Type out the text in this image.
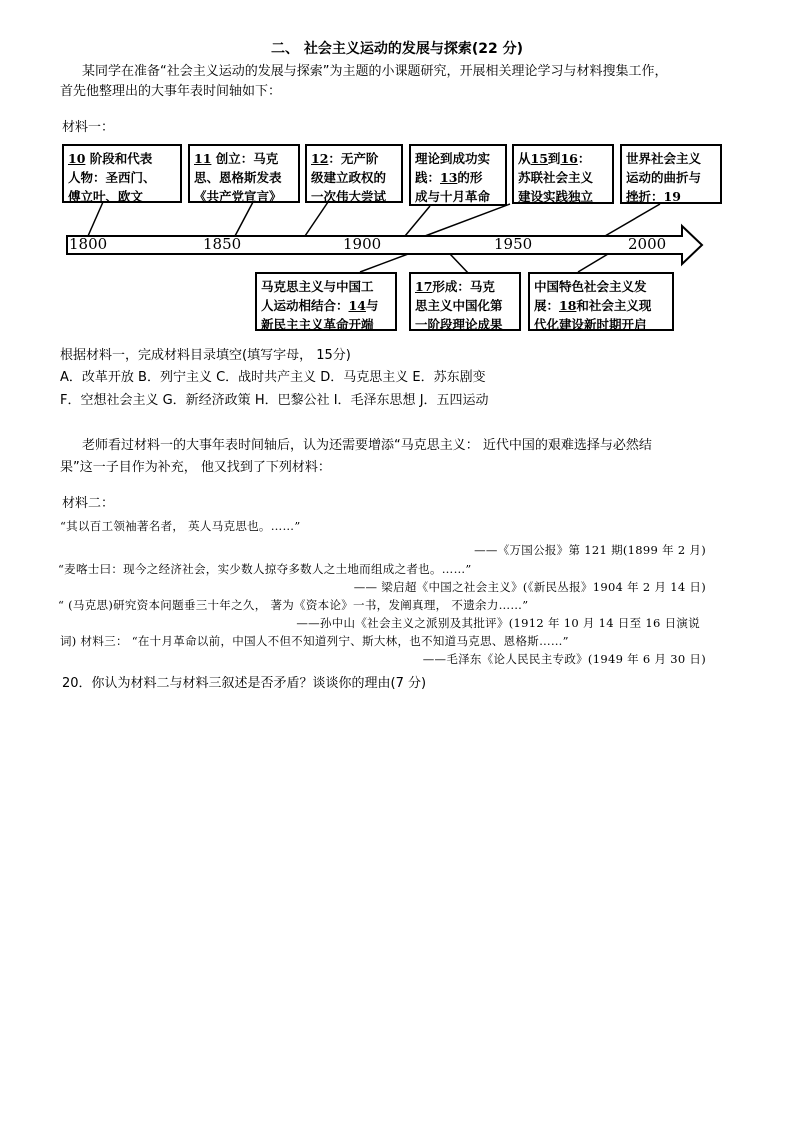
二、 社会主义运动的发展与探索(22 分)
某同学在准备“社会主义运动的发展与探索”为主题的小课题研究，开展相关理论学习与材料搜集工作，
首先他整理出的大事年表时间轴如下：
材料一：
1800	1850	1900	1950	2000
10 阶段和代表
人物：圣西门、
傅立叶、欧文
11 创立：马克
思、恩格斯发表
《共产党宣言》
12：无产阶
级建立政权的
一次伟大尝试
理论到成功实
践：13的形
成与十月革命
从15到16：
苏联社会主义
建设实践独立
世界社会主义
运动的曲折与
挫折：19
马克思主义与中国工
人运动相结合：14与
新民主主义革命开端
17形成：马克
思主义中国化第
一阶段理论成果
中国特色社会主义发
展：18和社会主义现
代化建设新时期开启
根据材料一，完成材料目录填空(填写字母， 15分)
A．改革开放 B．列宁主义 C．战时共产主义 D．马克思主义 E．苏东剧变
F．空想社会主义 G．新经济政策 H．巴黎公社 I．毛泽东思想 J．五四运动
老师看过材料一的大事年表时间轴后，认为还需要增添“马克思主义： 近代中国的艰难选择与必然结
果”这一子目作为补充， 他又找到了下列材料：
材料二：
“其以百工领袖著名者， 英人马克思也。……”
——《万国公报》第 121 期(1899 年 2 月)
“麦喀士曰：现今之经济社会，实少数人掠夺多数人之土地而组成之者也。……”
—— 梁启超《中国之社会主义》(《新民丛报》1904 年 2 月 14 日)
“ (马克思)研究资本问题垂三十年之久， 著为《资本论》一书，发阐真理， 不遗余力……”
——孙中山《社会主义之派别及其批评》(1912 年 10 月 14 日至 16 日演说
词) 材料三： “在十月革命以前，中国人不但不知道列宁、斯大林，也不知道马克思、恩格斯……”
——毛泽东《论人民民主专政》(1949 年 6 月 30 日)
20．你认为材料二与材料三叙述是否矛盾？谈谈你的理由(7 分)
